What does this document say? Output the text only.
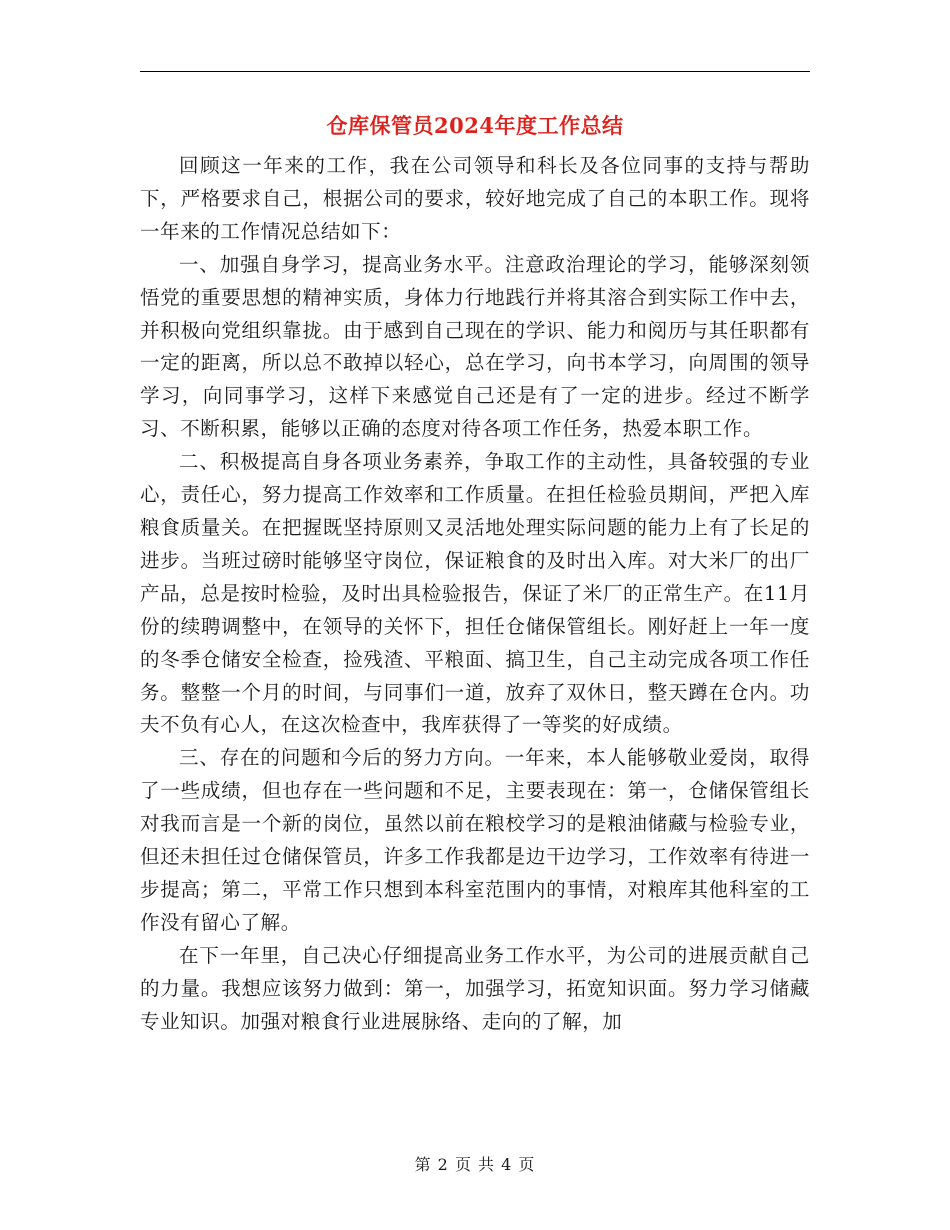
仓库保管员2024年度工作总结

回顾这一年来的工作，我在公司领导和科长及各位同事的支持与帮助下，严格要求自己，根据公司的要求，较好地完成了自己的本职工作。现将一年来的工作情况总结如下：

一、加强自身学习，提高业务水平。注意政治理论的学习，能够深刻领悟党的重要思想的精神实质，身体力行地践行并将其溶合到实际工作中去，并积极向党组织靠拢。由于感到自己现在的学识、能力和阅历与其任职都有一定的距离，所以总不敢掉以轻心，总在学习，向书本学习，向周围的领导学习，向同事学习，这样下来感觉自己还是有了一定的进步。经过不断学习、不断积累，能够以正确的态度对待各项工作任务，热爱本职工作。

二、积极提高自身各项业务素养，争取工作的主动性，具备较强的专业心，责任心，努力提高工作效率和工作质量。在担任检验员期间，严把入库粮食质量关。在把握既坚持原则又灵活地处理实际问题的能力上有了长足的进步。当班过磅时能够坚守岗位，保证粮食的及时出入库。对大米厂的出厂产品，总是按时检验，及时出具检验报告，保证了米厂的正常生产。在11月份的续聘调整中，在领导的关怀下，担任仓储保管组长。刚好赶上一年一度的冬季仓储安全检查，捡残渣、平粮面、搞卫生，自己主动完成各项工作任务。整整一个月的时间，与同事们一道，放弃了双休日，整天蹲在仓内。功夫不负有心人，在这次检查中，我库获得了一等奖的好成绩。

三、存在的问题和今后的努力方向。一年来，本人能够敬业爱岗，取得了一些成绩，但也存在一些问题和不足，主要表现在：第一，仓储保管组长对我而言是一个新的岗位，虽然以前在粮校学习的是粮油储藏与检验专业，但还未担任过仓储保管员，许多工作我都是边干边学习，工作效率有待进一步提高；第二，平常工作只想到本科室范围内的事情，对粮库其他科室的工作没有留心了解。

在下一年里，自己决心仔细提高业务工作水平，为公司的进展贡献自己的力量。我想应该努力做到：第一，加强学习，拓宽知识面。努力学习储藏专业知识。加强对粮食行业进展脉络、走向的了解，加

第 2 页 共 4 页
